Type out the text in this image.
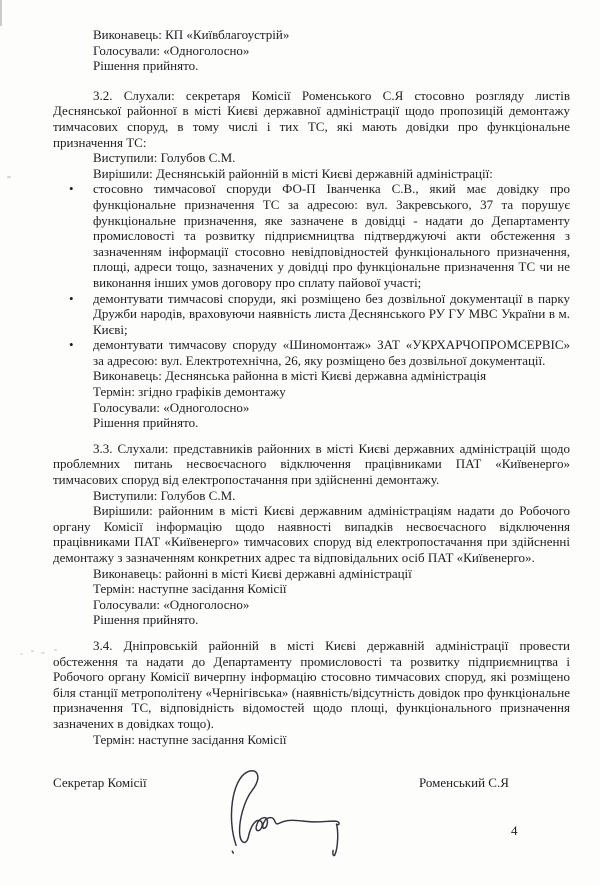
Виконавець: КП «Київблагоустрій»
Голосували: «Одноголосно»
Рішення прийнято.

3.2. Слухали: секретаря Комісії Роменського С.Я стосовно розгляду листів Деснянської районної в місті Києві державної адміністрації щодо пропозицій демонтажу тимчасових споруд, в тому числі і тих ТС, які мають довідки про функціональне призначення ТС:

Виступили: Голубов С.М.
Вирішили: Деснянській районній в місті Києві державній адміністрації:
• стосовно тимчасової споруди ФО-П Іванченка С.В., який має довідку про функціональне призначення ТС за адресою: вул. Закревського, 37 та порушує функціональне призначення, яке зазначене в довідці - надати до Департаменту промисловості та розвитку підприємництва підтверджуючі акти обстеження з зазначенням інформації стосовно невідповідностей функціонального призначення, площі, адреси тощо, зазначених у довідці про функціональне призначення ТС чи не виконання інших умов договору про сплату пайової участі;
• демонтувати тимчасові споруди, які розміщено без дозвільної документації в парку Дружби народів, враховуючи наявність листа Деснянського РУ ГУ МВС України в м. Києві;
• демонтувати тимчасову споруду «Шиномонтаж» ЗАТ «УКРХАРЧОПРОМСЕРВІС» за адресою: вул. Електротехнічна, 26, яку розміщено без дозвільної документації.
Виконавець: Деснянська районна в місті Києві державна адміністрація
Термін: згідно графіків демонтажу
Голосували: «Одноголосно»
Рішення прийнято.

3.3. Слухали: представників районних в місті Києві державних адміністрацій щодо проблемних питань несвоєчасного відключення працівниками ПАТ «Київенерго» тимчасових споруд від електропостачання при здійсненні демонтажу.

Виступили: Голубов С.М.

Вирішили: районним в місті Києві державним адміністраціям надати до Робочого органу Комісії інформацію щодо наявності випадків несвоєчасного відключення працівниками ПАТ «Київенерго» тимчасових споруд від електропостачання при здійсненні демонтажу з зазначенням конкретних адрес та відповідальних осіб ПАТ «Київенерго».

Виконавець: районні в місті Києві державні адміністрації
Термін: наступне засідання Комісії
Голосували: «Одноголосно»
Рішення прийнято.

3.4. Дніпровській районній в місті Києві державній адміністрації провести обстеження та надати до Департаменту промисловості та розвитку підприємництва і Робочого органу Комісії вичерпну інформацію стосовно тимчасових споруд, які розміщено біля станції метрополітену «Чернігівська» (наявність/відсутність довідок про функціональне призначення ТС, відповідність відомостей щодо площі, функціонального призначення зазначених в довідках тощо).

Термін: наступне засідання Комісії
Секретар Комісії	Роменський С.Я
4
